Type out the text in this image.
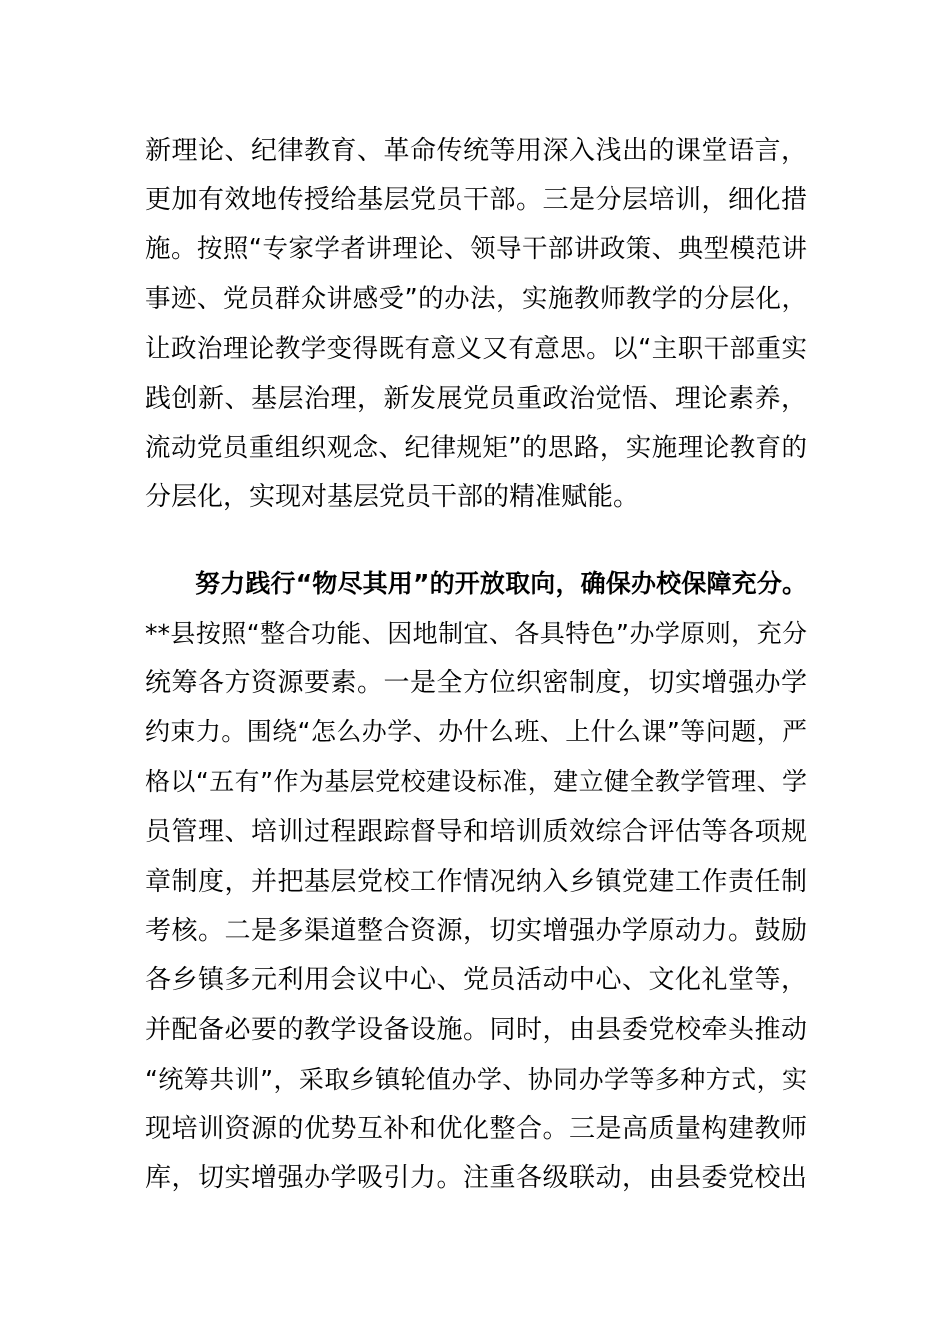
新理论、纪律教育、革命传统等用深入浅出的课堂语言，
更加有效地传授给基层党员干部。三是分层培训，细化措
施。按照“专家学者讲理论、领导干部讲政策、典型模范讲
事迹、党员群众讲感受”的办法，实施教师教学的分层化，
让政治理论教学变得既有意义又有意思。以“主职干部重实
践创新、基层治理，新发展党员重政治觉悟、理论素养，
流动党员重组织观念、纪律规矩”的思路，实施理论教育的
分层化，实现对基层党员干部的精准赋能。
努力践行“物尽其用”的开放取向，确保办校保障充分。
**县按照“整合功能、因地制宜、各具特色”办学原则，充分
统筹各方资源要素。一是全方位织密制度，切实增强办学
约束力。围绕“怎么办学、办什么班、上什么课”等问题，严
格以“五有”作为基层党校建设标准，建立健全教学管理、学
员管理、培训过程跟踪督导和培训质效综合评估等各项规
章制度，并把基层党校工作情况纳入乡镇党建工作责任制
考核。二是多渠道整合资源，切实增强办学原动力。鼓励
各乡镇多元利用会议中心、党员活动中心、文化礼堂等，
并配备必要的教学设备设施。同时，由县委党校牵头推动
“统筹共训”，采取乡镇轮值办学、协同办学等多种方式，实
现培训资源的优势互补和优化整合。三是高质量构建教师
库，切实增强办学吸引力。注重各级联动，由县委党校出
